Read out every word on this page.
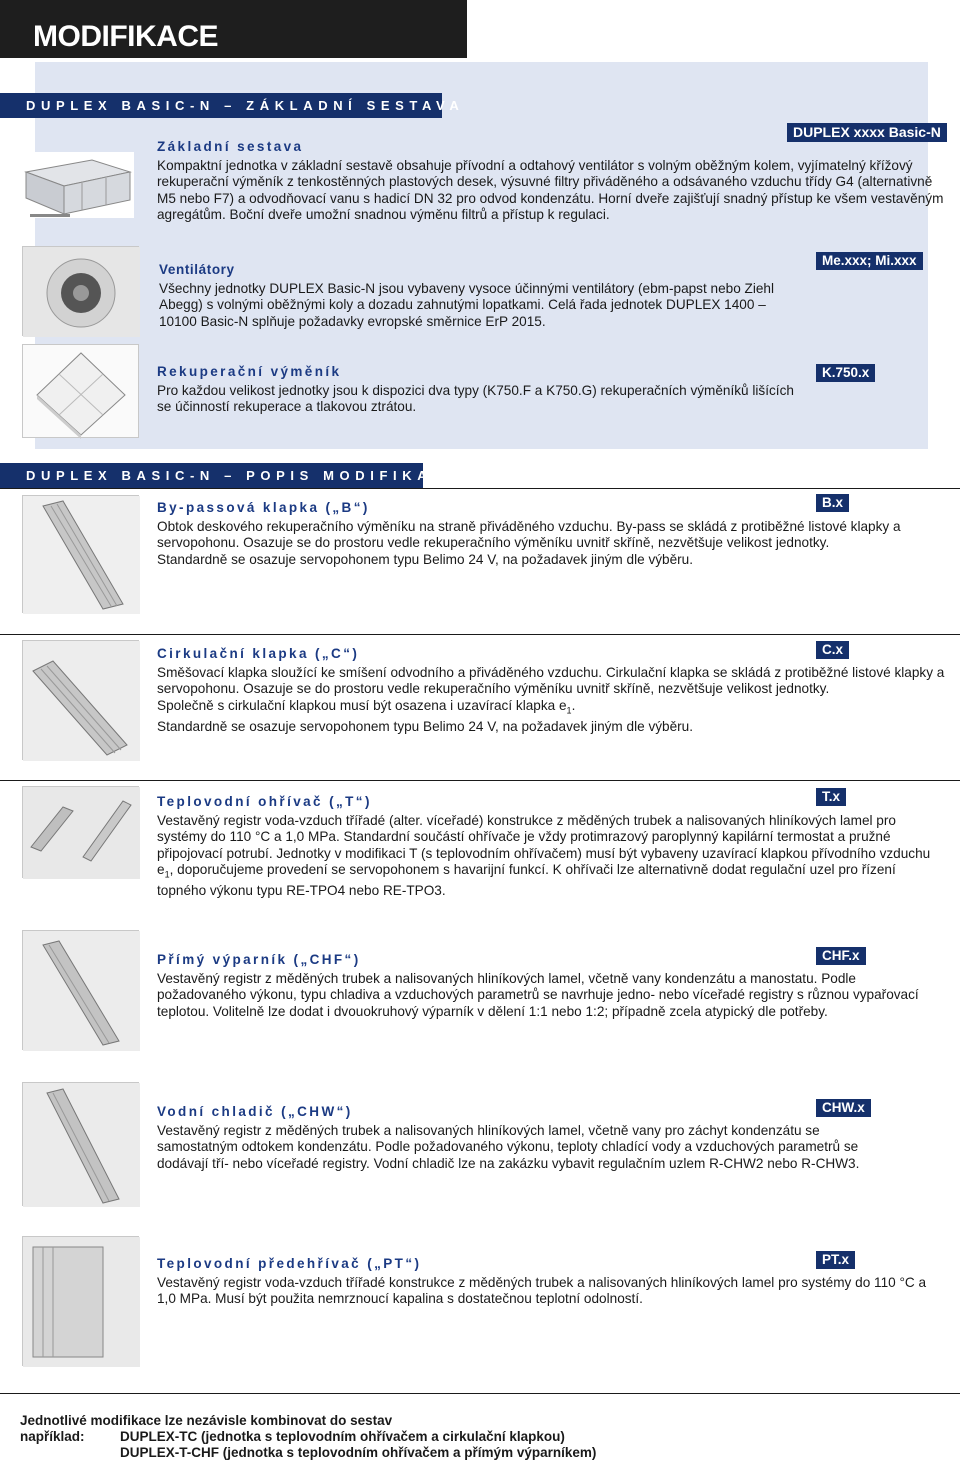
MODIFIKACE
DUPLEX BASIC-N – ZÁKLADNÍ SESTAVA
DUPLEX xxxx Basic-N
Základní sestava
Kompaktní jednotka v základní sestavě obsahuje přívodní a odtahový ventilátor s volným oběžným kolem, vyjímatelný křížový rekuperační výměník z tenkostěnných plastových desek, výsuvné filtry přiváděného a odsávaného vzduchu třídy G4 (alternativně M5 nebo F7) a odvodňovací vanu s hadicí DN 32 pro odvod kondenzátu. Horní dveře zajišťují snadný přístup ke všem vestavěným agregátům. Boční dveře umožní snadnou výměnu filtrů a přístup k regulaci.
Me.xxx; Mi.xxx
Ventilátory
Všechny jednotky DUPLEX Basic-N jsou vybaveny vysoce účinnými ventilátory (ebm-papst nebo Ziehl Abegg) s volnými oběžnými koly a dozadu zahnutými lopatkami. Celá řada jednotek DUPLEX 1400 – 10100 Basic-N splňuje požadavky evropské směrnice ErP 2015.
K.750.x
Rekuperační výměník
Pro každou velikost jednotky jsou k dispozici dva typy (K750.F a K750.G) rekuperačních výměníků lišících se účinností rekuperace a tlakovou ztrátou.
DUPLEX BASIC-N – POPIS MODIFIKACÍ
B.x
By-passová klapka („B“)
Obtok deskového rekuperačního výměníku na straně přiváděného vzduchu. By-pass se skládá z protiběžné listové klapky a servopohonu. Osazuje se do prostoru vedle rekuperačního výměníku uvnitř skříně, nezvětšuje velikost jednotky.
Standardně se osazuje servopohonem typu Belimo 24 V, na požadavek jiným dle výběru.
C.x
Cirkulační klapka („C“)
Směšovací klapka sloužící ke smíšení odvodního a přiváděného vzduchu. Cirkulační klapka se skládá z protiběžné listové klapky a servopohonu. Osazuje se do prostoru vedle rekuperačního výměníku uvnitř skříně, nezvětšuje velikost jednotky.
Společně s cirkulační klapkou musí být osazena i uzavírací klapka $e_1$.
Standardně se osazuje servopohonem typu Belimo 24 V, na požadavek jiným dle výběru.
T.x
Teplovodní ohřívač („T“)
Vestavěný registr voda-vzduch třířadé (alter. víceřadé) konstrukce z měděných trubek a nalisovaných hliníkových lamel pro systémy do 110 °C a 1,0 MPa. Standardní součástí ohřívače je vždy protimrazový paroplynný kapilární termostat a pružné připojovací potrubí. Jednotky v modifikaci T (s teplovodním ohřívačem) musí být vybaveny uzavírací klapkou přívodního vzduchu $e_1$, doporučujeme provedení se servopohonem s havarijní funkcí. K ohřívači lze alternativně dodat regulační uzel pro řízení topného výkonu typu RE-TPO4 nebo RE-TPO3.
CHF.x
Přímý výparník („CHF“)
Vestavěný registr z měděných trubek a nalisovaných hliníkových lamel, včetně vany kondenzátu a manostatu. Podle požadovaného výkonu, typu chladiva a vzduchových parametrů se navrhuje jedno- nebo víceřadé registry s různou vypařovací teplotou. Volitelně lze dodat i dvouokruhový výparník v dělení 1:1 nebo 1:2; případně zcela atypický dle potřeby.
CHW.x
Vodní chladič („CHW“)
Vestavěný registr z měděných trubek a nalisovaných hliníkových lamel, včetně vany pro záchyt kondenzátu se samostatným odtokem kondenzátu. Podle požadovaného výkonu, teploty chladící vody a vzduchových parametrů se dodávají tří- nebo víceřadé registry. Vodní chladič lze na zakázku vybavit regulačním uzlem R-CHW2 nebo R-CHW3.
PT.x
Teplovodní předehřívač („PT“)
Vestavěný registr voda-vzduch třířadé konstrukce z měděných trubek a nalisovaných hliníkových lamel pro systémy do 110 °C a 1,0 MPa. Musí být použita nemrznoucí kapalina s dostatečnou teplotní odolností.
Jednotlivé modifikace lze nezávisle kombinovat do sestav
například:	DUPLEX-TC (jednotka s teplovodním ohřívačem a cirkulační klapkou)
DUPLEX-T-CHF (jednotka s teplovodním ohřívačem a přímým výparníkem)
